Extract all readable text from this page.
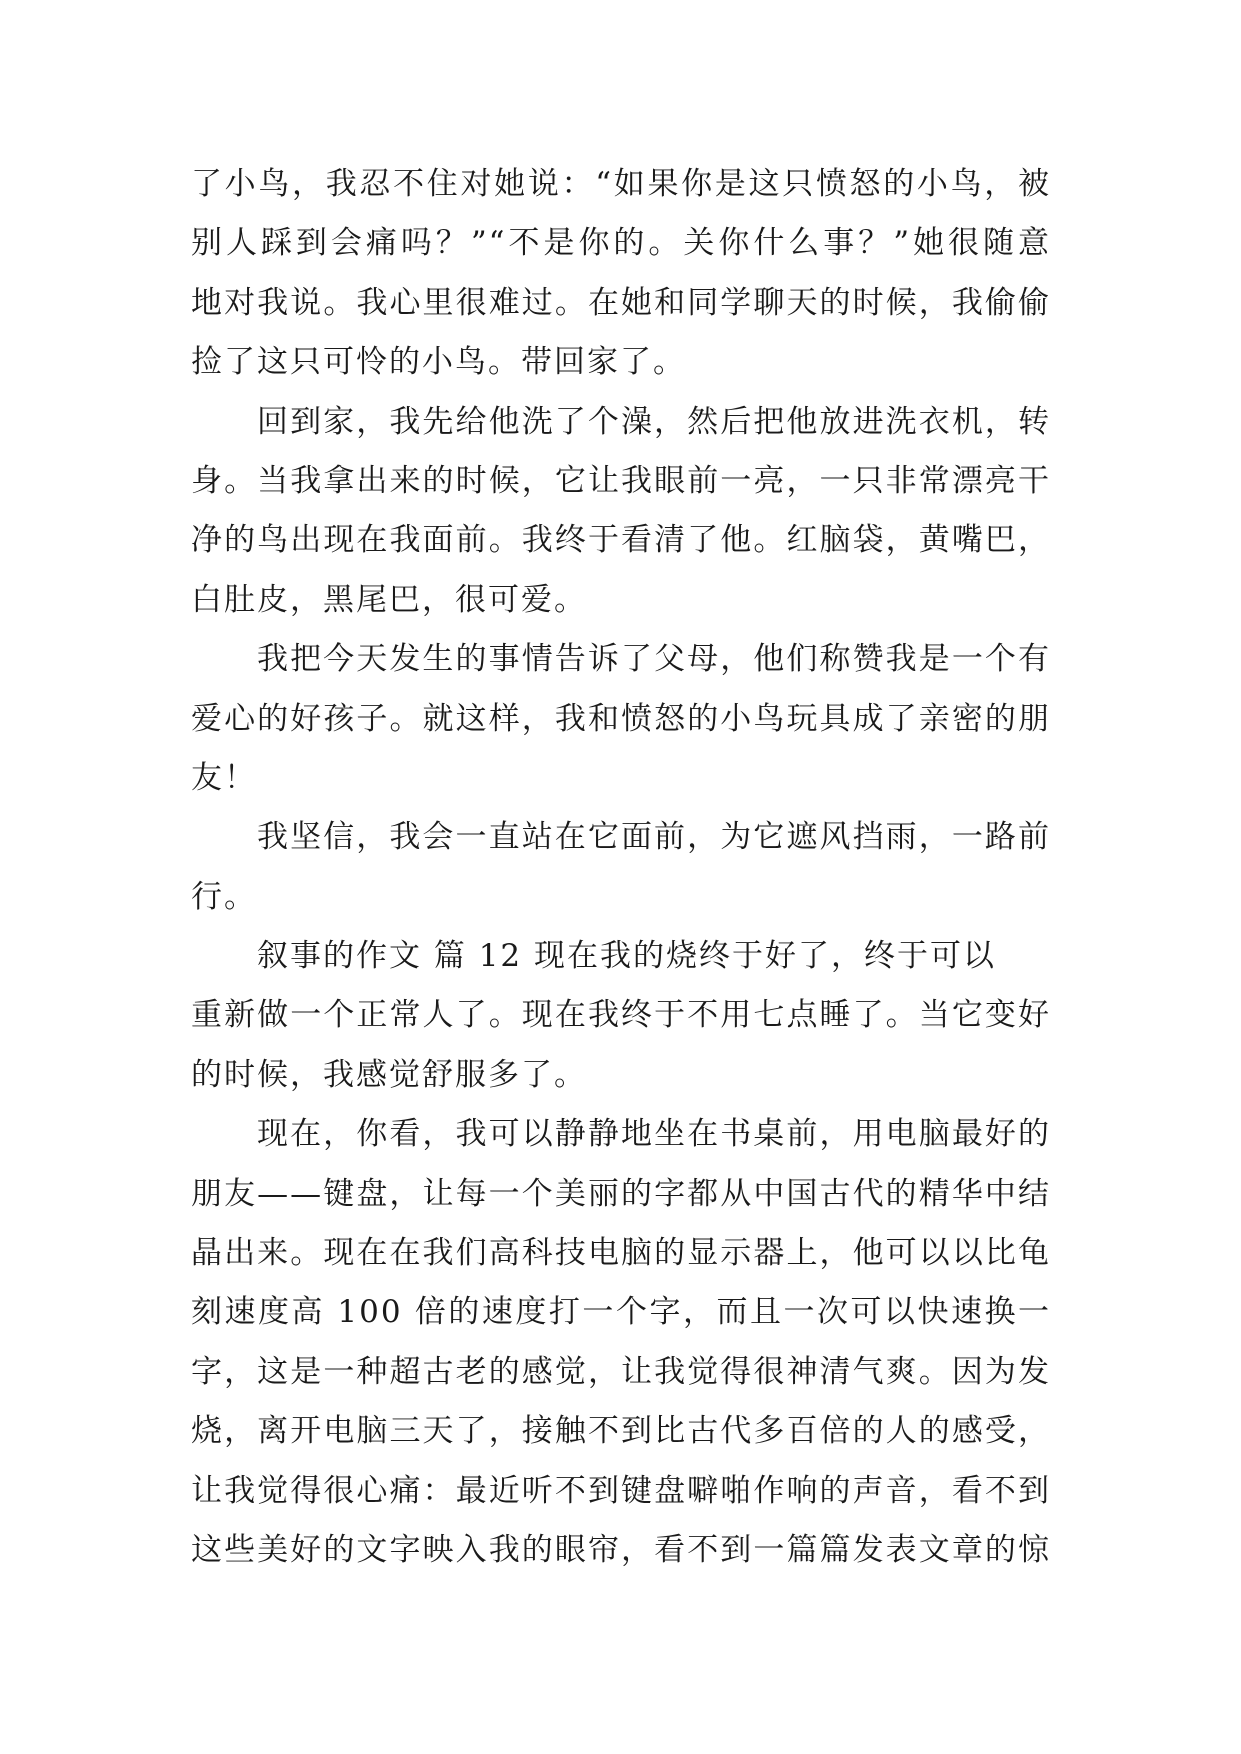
了小鸟，我忍不住对她说：“如果你是这只愤怒的小鸟，被
别人踩到会痛吗？”“不是你的。关你什么事？”她很随意
地对我说。我心里很难过。在她和同学聊天的时候，我偷偷
捡了这只可怜的小鸟。带回家了。
回到家，我先给他洗了个澡，然后把他放进洗衣机，转
身。当我拿出来的时候，它让我眼前一亮，一只非常漂亮干
净的鸟出现在我面前。我终于看清了他。红脑袋，黄嘴巴，
白肚皮，黑尾巴，很可爱。
我把今天发生的事情告诉了父母，他们称赞我是一个有
爱心的好孩子。就这样，我和愤怒的小鸟玩具成了亲密的朋
友！
我坚信，我会一直站在它面前，为它遮风挡雨，一路前
行。
叙事的作文 篇 12 现在我的烧终于好了，终于可以
重新做一个正常人了。现在我终于不用七点睡了。当它变好
的时候，我感觉舒服多了。
现在，你看，我可以静静地坐在书桌前，用电脑最好的
朋友——键盘，让每一个美丽的字都从中国古代的精华中结
晶出来。现在在我们高科技电脑的显示器上，他可以以比龟
刻速度高 100 倍的速度打一个字，而且一次可以快速换一
字，这是一种超古老的感觉，让我觉得很神清气爽。因为发
烧，离开电脑三天了，接触不到比古代多百倍的人的感受，
让我觉得很心痛：最近听不到键盘噼啪作响的声音，看不到
这些美好的文字映入我的眼帘，看不到一篇篇发表文章的惊
